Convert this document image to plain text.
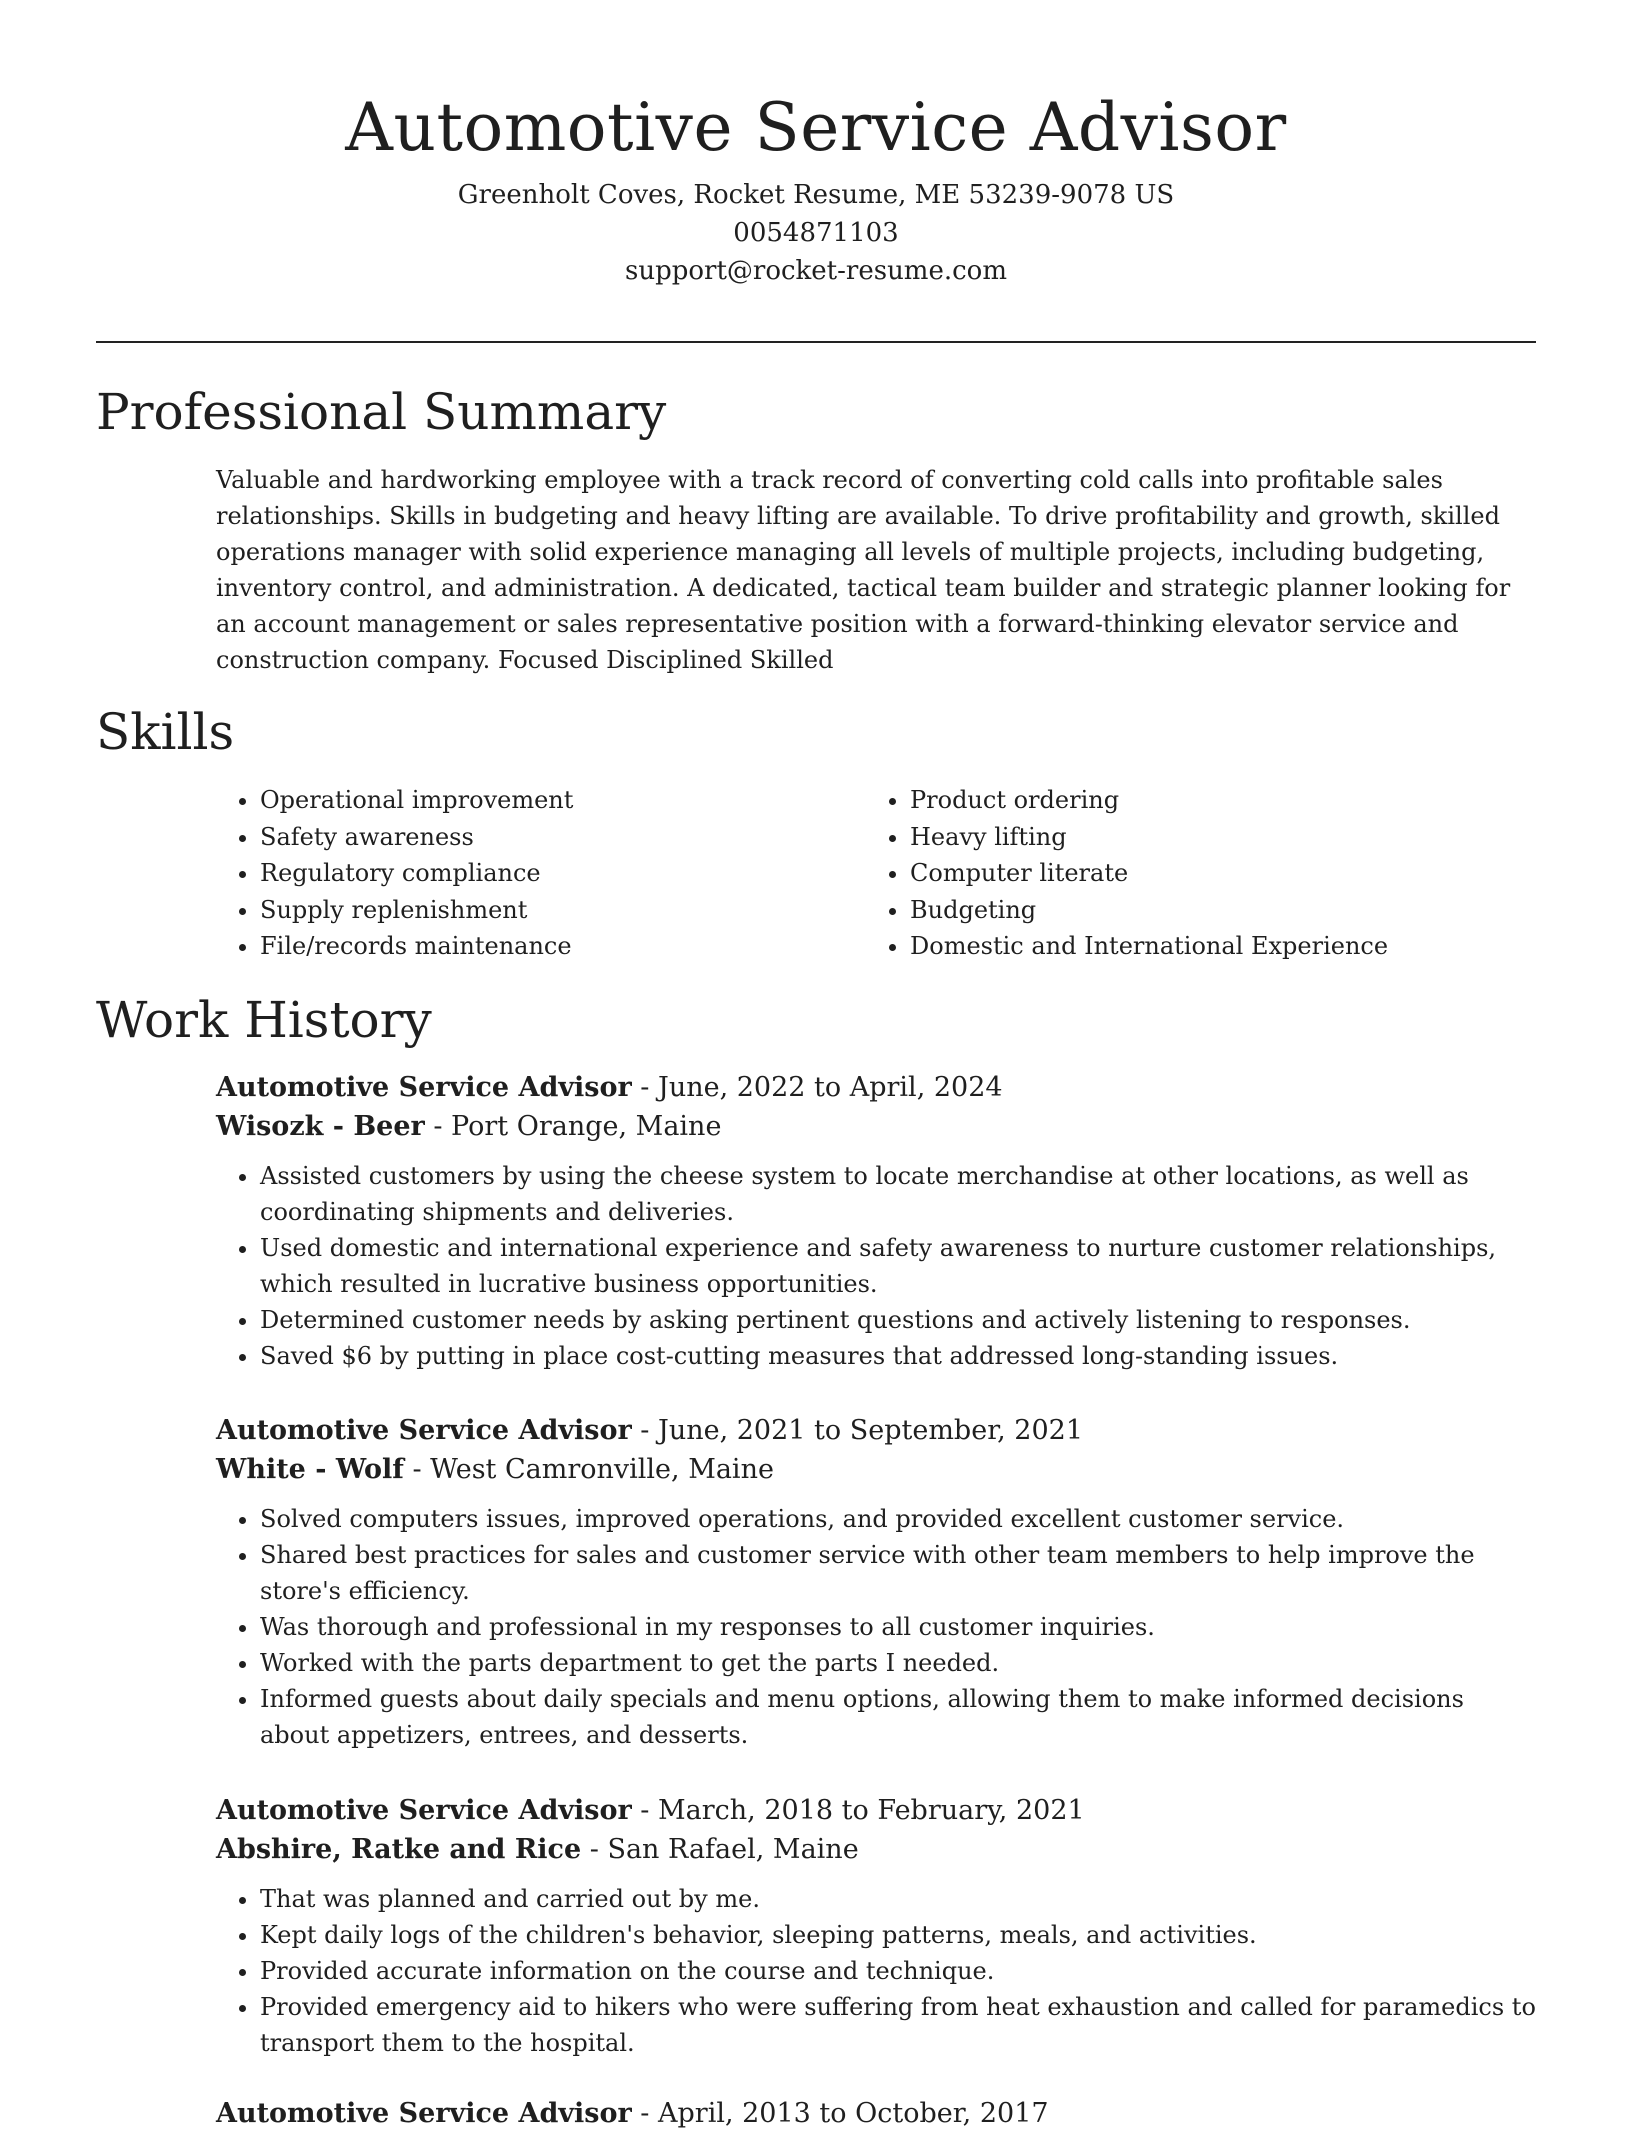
Automotive Service Advisor
Greenholt Coves, Rocket Resume, ME 53239-9078 US
0054871103
support@rocket-resume.com
Professional Summary
Valuable and hardworking employee with a track record of converting cold calls into profitable sales relationships. Skills in budgeting and heavy lifting are available. To drive profitability and growth, skilled operations manager with solid experience managing all levels of multiple projects, including budgeting, inventory control, and administration. A dedicated, tactical team builder and strategic planner looking for an account management or sales representative position with a forward-thinking elevator service and construction company. Focused Disciplined Skilled
Skills
• Operational improvement
• Safety awareness
• Regulatory compliance
• Supply replenishment
• File/records maintenance
• Product ordering
• Heavy lifting
• Computer literate
• Budgeting
• Domestic and International Experience
Work History
Automotive Service Advisor - June, 2022 to April, 2024
Wisozk - Beer - Port Orange, Maine
• Assisted customers by using the cheese system to locate merchandise at other locations, as well as coordinating shipments and deliveries.
• Used domestic and international experience and safety awareness to nurture customer relationships, which resulted in lucrative business opportunities.
• Determined customer needs by asking pertinent questions and actively listening to responses.
• Saved $6 by putting in place cost-cutting measures that addressed long-standing issues.
Automotive Service Advisor - June, 2021 to September, 2021
White - Wolf - West Camronville, Maine
• Solved computers issues, improved operations, and provided excellent customer service.
• Shared best practices for sales and customer service with other team members to help improve the store's efficiency.
• Was thorough and professional in my responses to all customer inquiries.
• Worked with the parts department to get the parts I needed.
• Informed guests about daily specials and menu options, allowing them to make informed decisions about appetizers, entrees, and desserts.
Automotive Service Advisor - March, 2018 to February, 2021
Abshire, Ratke and Rice - San Rafael, Maine
• That was planned and carried out by me.
• Kept daily logs of the children's behavior, sleeping patterns, meals, and activities.
• Provided accurate information on the course and technique.
• Provided emergency aid to hikers who were suffering from heat exhaustion and called for paramedics to transport them to the hospital.
Automotive Service Advisor - April, 2013 to October, 2017
